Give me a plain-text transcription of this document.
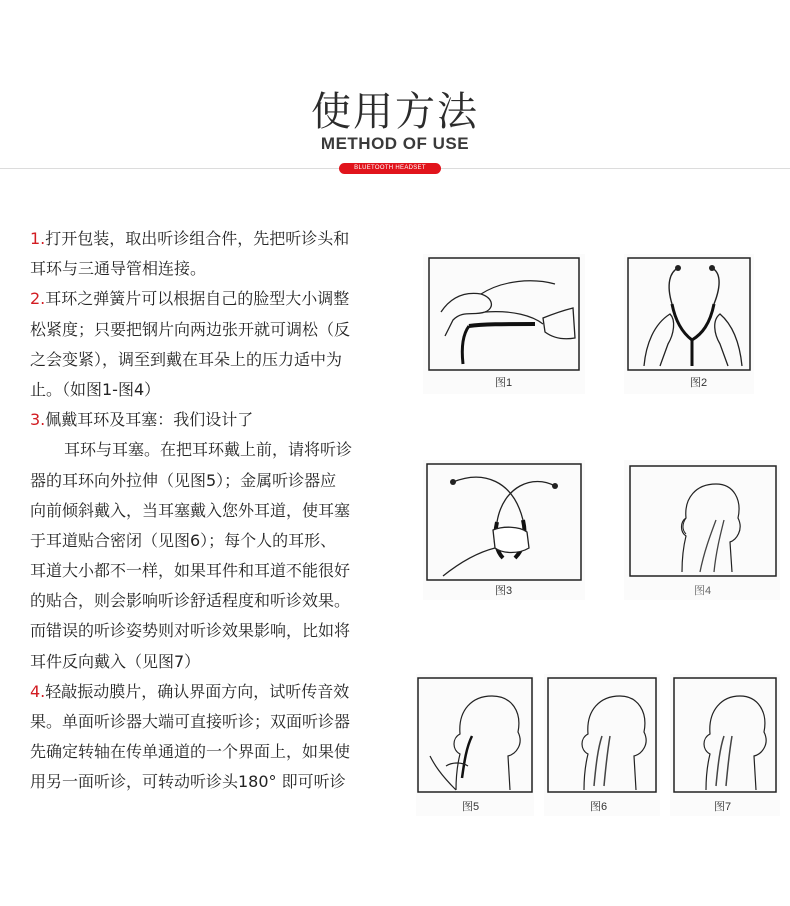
使用方法
METHOD OF USE
BLUETOOTH HEADSET
1.打开包装，取出听诊组合件，先把听诊头和
耳环与三通导管相连接。
2.耳环之弹簧片可以根据自己的脸型大小调整
松紧度；只要把钢片向两边张开就可调松（反
之会变紧），调至到戴在耳朵上的压力适中为
止。（如图1-图4）
3.佩戴耳环及耳塞：我们设计了
耳环与耳塞。在把耳环戴上前，请将听诊
器的耳环向外拉伸（见图5）；金属听诊器应
向前倾斜戴入，当耳塞戴入您外耳道，使耳塞
于耳道贴合密闭（见图6）；每个人的耳形、
耳道大小都不一样，如果耳件和耳道不能很好
的贴合，则会影响听诊舒适程度和听诊效果。
而错误的听诊姿势则对听诊效果影响，比如将
耳件反向戴入（见图7）
4.轻敲振动膜片，确认界面方向，试听传音效
果。单面听诊器大端可直接听诊；双面听诊器
先确定转轴在传单通道的一个界面上，如果使
用另一面听诊，可转动听诊头180° 即可听诊
图1	图2
图3	图4
图5	图6	图7
